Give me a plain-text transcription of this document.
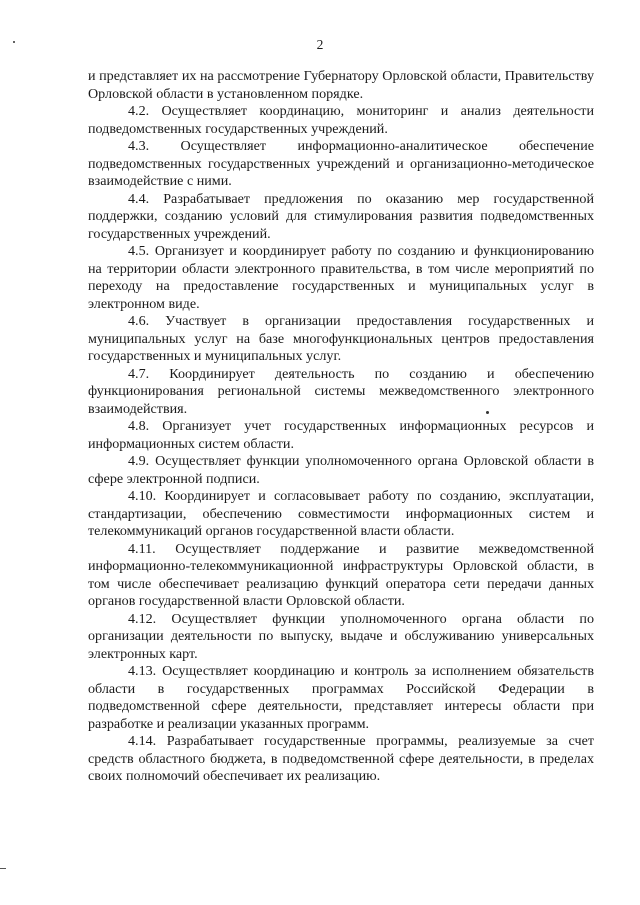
2

и представляет их на рассмотрение Губернатору Орловской области, Правительству Орловской области в установленном порядке.

4.2. Осуществляет координацию, мониторинг и анализ деятельности подведомственных государственных учреждений.

4.3. Осуществляет информационно-аналитическое обеспечение подведомственных государственных учреждений и организационно-методическое взаимодействие с ними.

4.4. Разрабатывает предложения по оказанию мер государственной поддержки, созданию условий для стимулирования развития подведомственных государственных учреждений.

4.5. Организует и координирует работу по созданию и функционированию на территории области электронного правительства, в том числе мероприятий по переходу на предоставление государственных и муниципальных услуг в электронном виде.

4.6. Участвует в организации предоставления государственных и муниципальных услуг на базе многофункциональных центров предоставления государственных и муниципальных услуг.

4.7. Координирует деятельность по созданию и обеспечению функционирования региональной системы межведомственного электронного взаимодействия.

4.8. Организует учет государственных информационных ресурсов и информационных систем области.

4.9. Осуществляет функции уполномоченного органа Орловской области в сфере электронной подписи.

4.10. Координирует и согласовывает работу по созданию, эксплуатации, стандартизации, обеспечению совместимости информационных систем и телекоммуникаций органов государственной власти области.

4.11. Осуществляет поддержание и развитие межведомственной информационно-телекоммуникационной инфраструктуры Орловской области, в том числе обеспечивает реализацию функций оператора сети передачи данных органов государственной власти Орловской области.

4.12. Осуществляет функции уполномоченного органа области по организации деятельности по выпуску, выдаче и обслуживанию универсальных электронных карт.

4.13. Осуществляет координацию и контроль за исполнением обязательств области в государственных программах Российской Федерации в подведомственной сфере деятельности, представляет интересы области при разработке и реализации указанных программ.

4.14. Разрабатывает государственные программы, реализуемые за счет средств областного бюджета, в подведомственной сфере деятельности, в пределах своих полномочий обеспечивает их реализацию.
